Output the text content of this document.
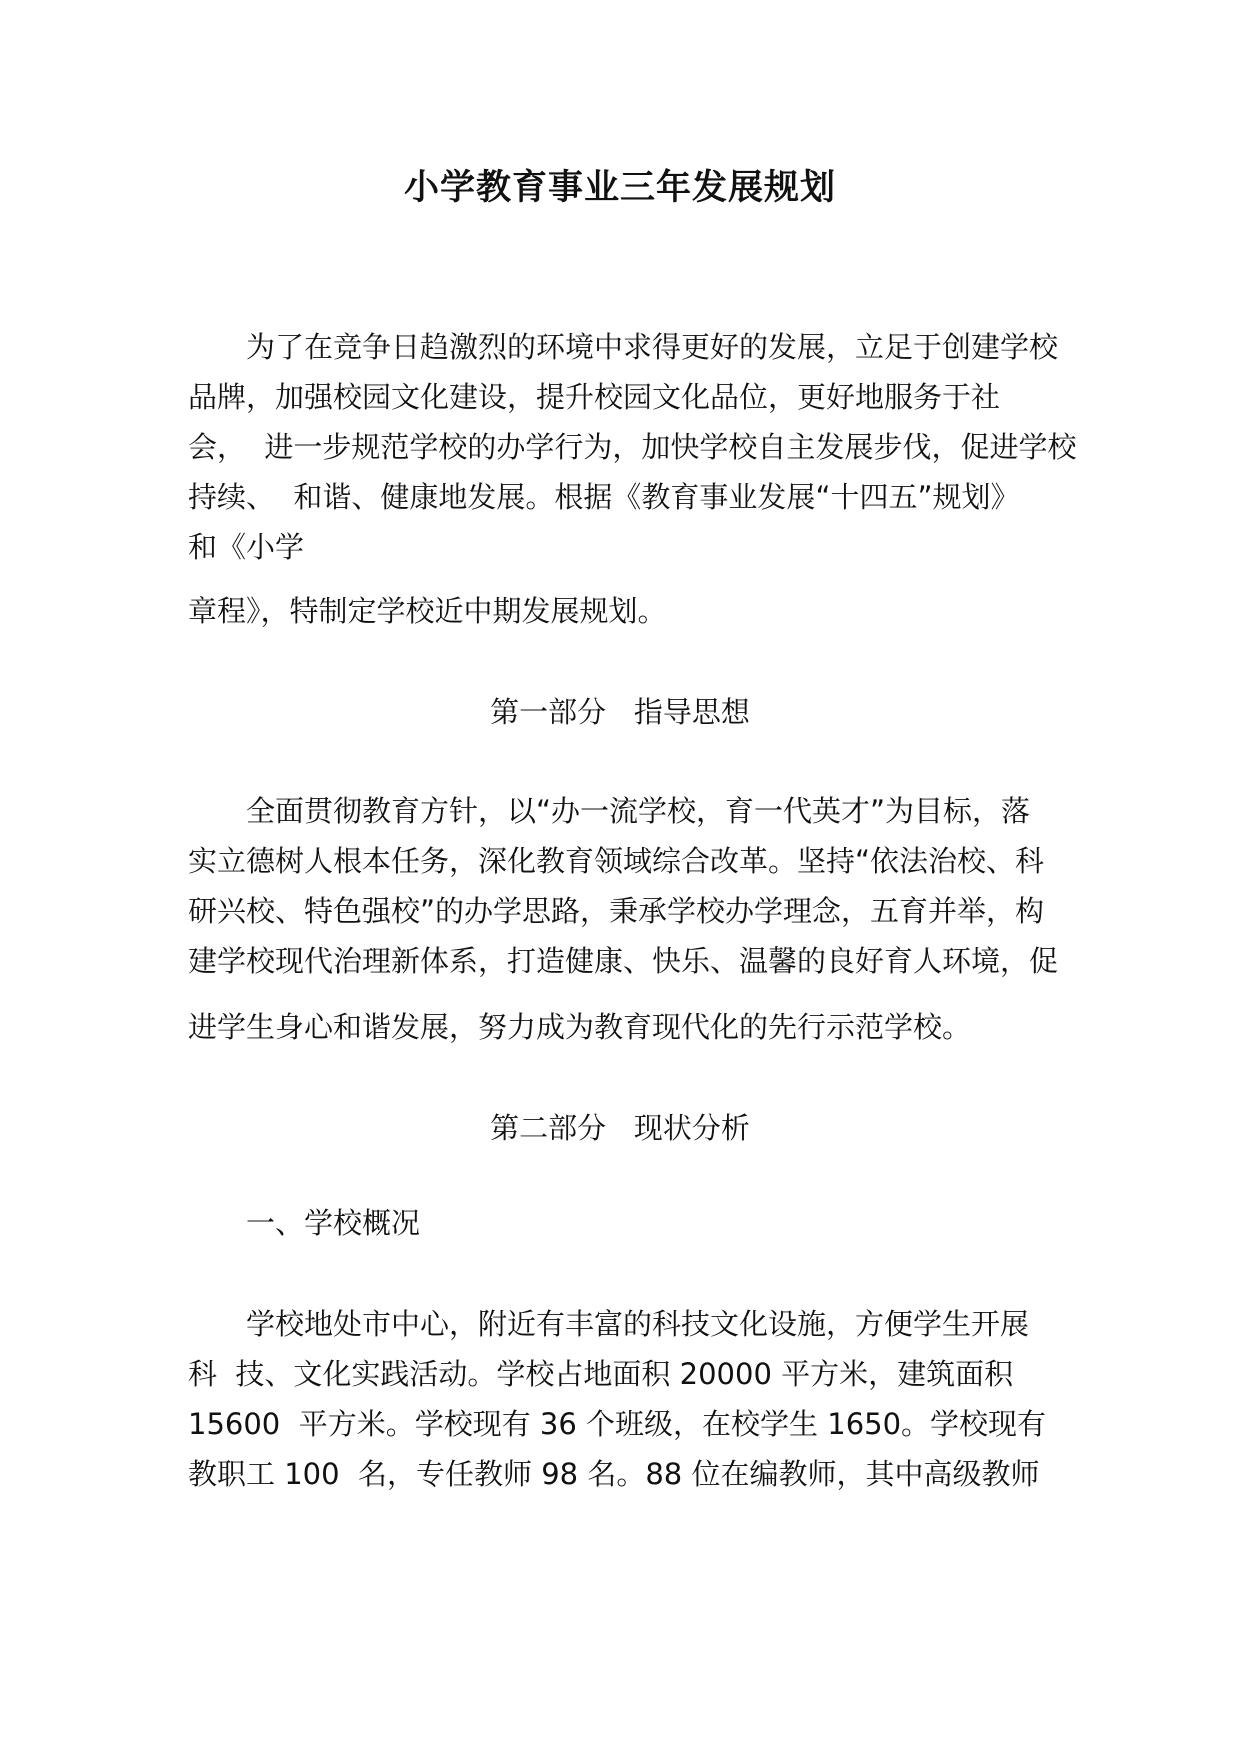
小学教育事业三年发展规划
为了在竞争日趋激烈的环境中求得更好的发展，立足于创建学校
品牌，加强校园文化建设，提升校园文化品位，更好地服务于社
会，  进一步规范学校的办学行为，加快学校自主发展步伐，促进学校
持续、  和谐、健康地发展。根据《教育事业发展“十四五”规划》
和《小学
章程》，特制定学校近中期发展规划。
第一部分   指导思想
全面贯彻教育方针，以“办一流学校，育一代英才”为目标，落
实立德树人根本任务，深化教育领域综合改革。坚持“依法治校、科
研兴校、特色强校”的办学思路，秉承学校办学理念，五育并举，构
建学校现代治理新体系，打造健康、快乐、温馨的良好育人环境，促
进学生身心和谐发展，努力成为教育现代化的先行示范学校。
第二部分   现状分析
一、学校概况
学校地处市中心，附近有丰富的科技文化设施，方便学生开展
科  技、文化实践活动。学校占地面积 20000 平方米，建筑面积
15600  平方米。学校现有 36 个班级，在校学生 1650。学校现有
教职工 100  名，专任教师 98 名。88 位在编教师，其中高级教师
